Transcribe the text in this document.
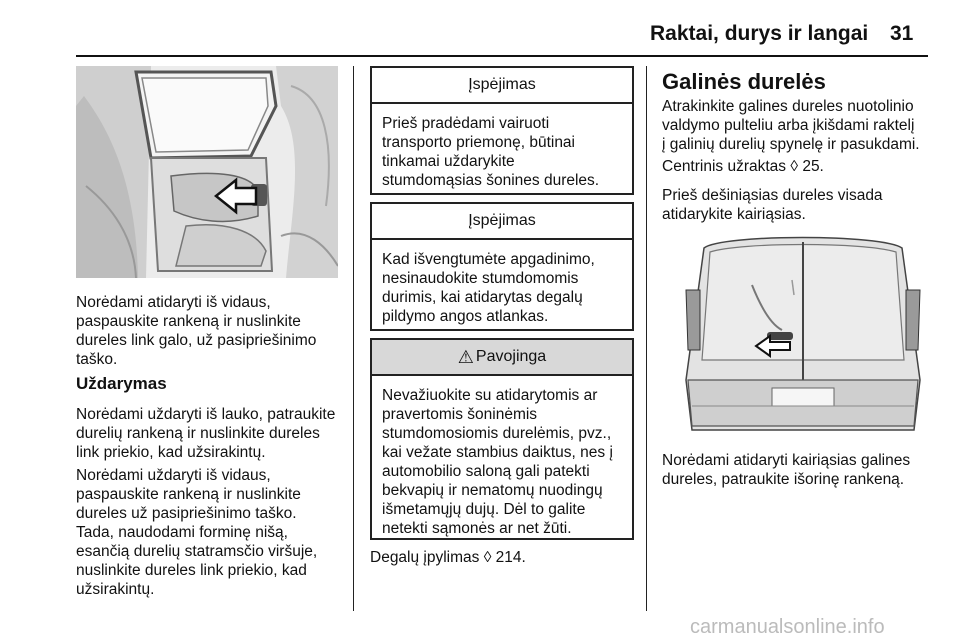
Raktai, durys ir langai 31
Norėdami atidaryti iš vidaus,
paspauskite rankeną ir nuslinkite
dureles link galo, už pasipriešinimo
taško.
Uždarymas
Norėdami uždaryti iš lauko, patraukite
durelių rankeną ir nuslinkite dureles
link priekio, kad užsirakintų.
Norėdami uždaryti iš vidaus,
paspauskite rankeną ir nuslinkite
dureles už pasipriešinimo taško.
Tada, naudodami forminę nišą,
esančią durelių statramsčio viršuje,
nuslinkite dureles link priekio, kad
užsirakintų.
Įspėjimas
Prieš pradėdami vairuoti
transporto priemonę, būtinai
tinkamai uždarykite
stumdomąsias šonines dureles.
Įspėjimas
Kad išvengtumėte apgadinimo,
nesinaudokite stumdomomis
durimis, kai atidarytas degalų
pildymo angos atlankas.
⚠ Pavojinga
Nevažiuokite su atidarytomis ar
pravertomis šoninėmis
stumdomosiomis durelėmis, pvz.,
kai vežate stambius daiktus, nes į
automobilio saloną gali patekti
bekvapių ir nematomų nuodingų
išmetamųjų dujų. Dėl to galite
netekti sąmonės ar net žūti.
Degalų įpylimas ◊ 214.
Galinės durelės
Atrakinkite galines dureles nuotolinio
valdymo pulteliu arba įkišdami raktelį
į galinių durelių spynelę ir pasukdami.
Centrinis užraktas ◊ 25.
Prieš dešiniąsias dureles visada
atidarykite kairiąsias.
Norėdami atidaryti kairiąsias galines
dureles, patraukite išorinę rankeną.
carmanualsonline.info
